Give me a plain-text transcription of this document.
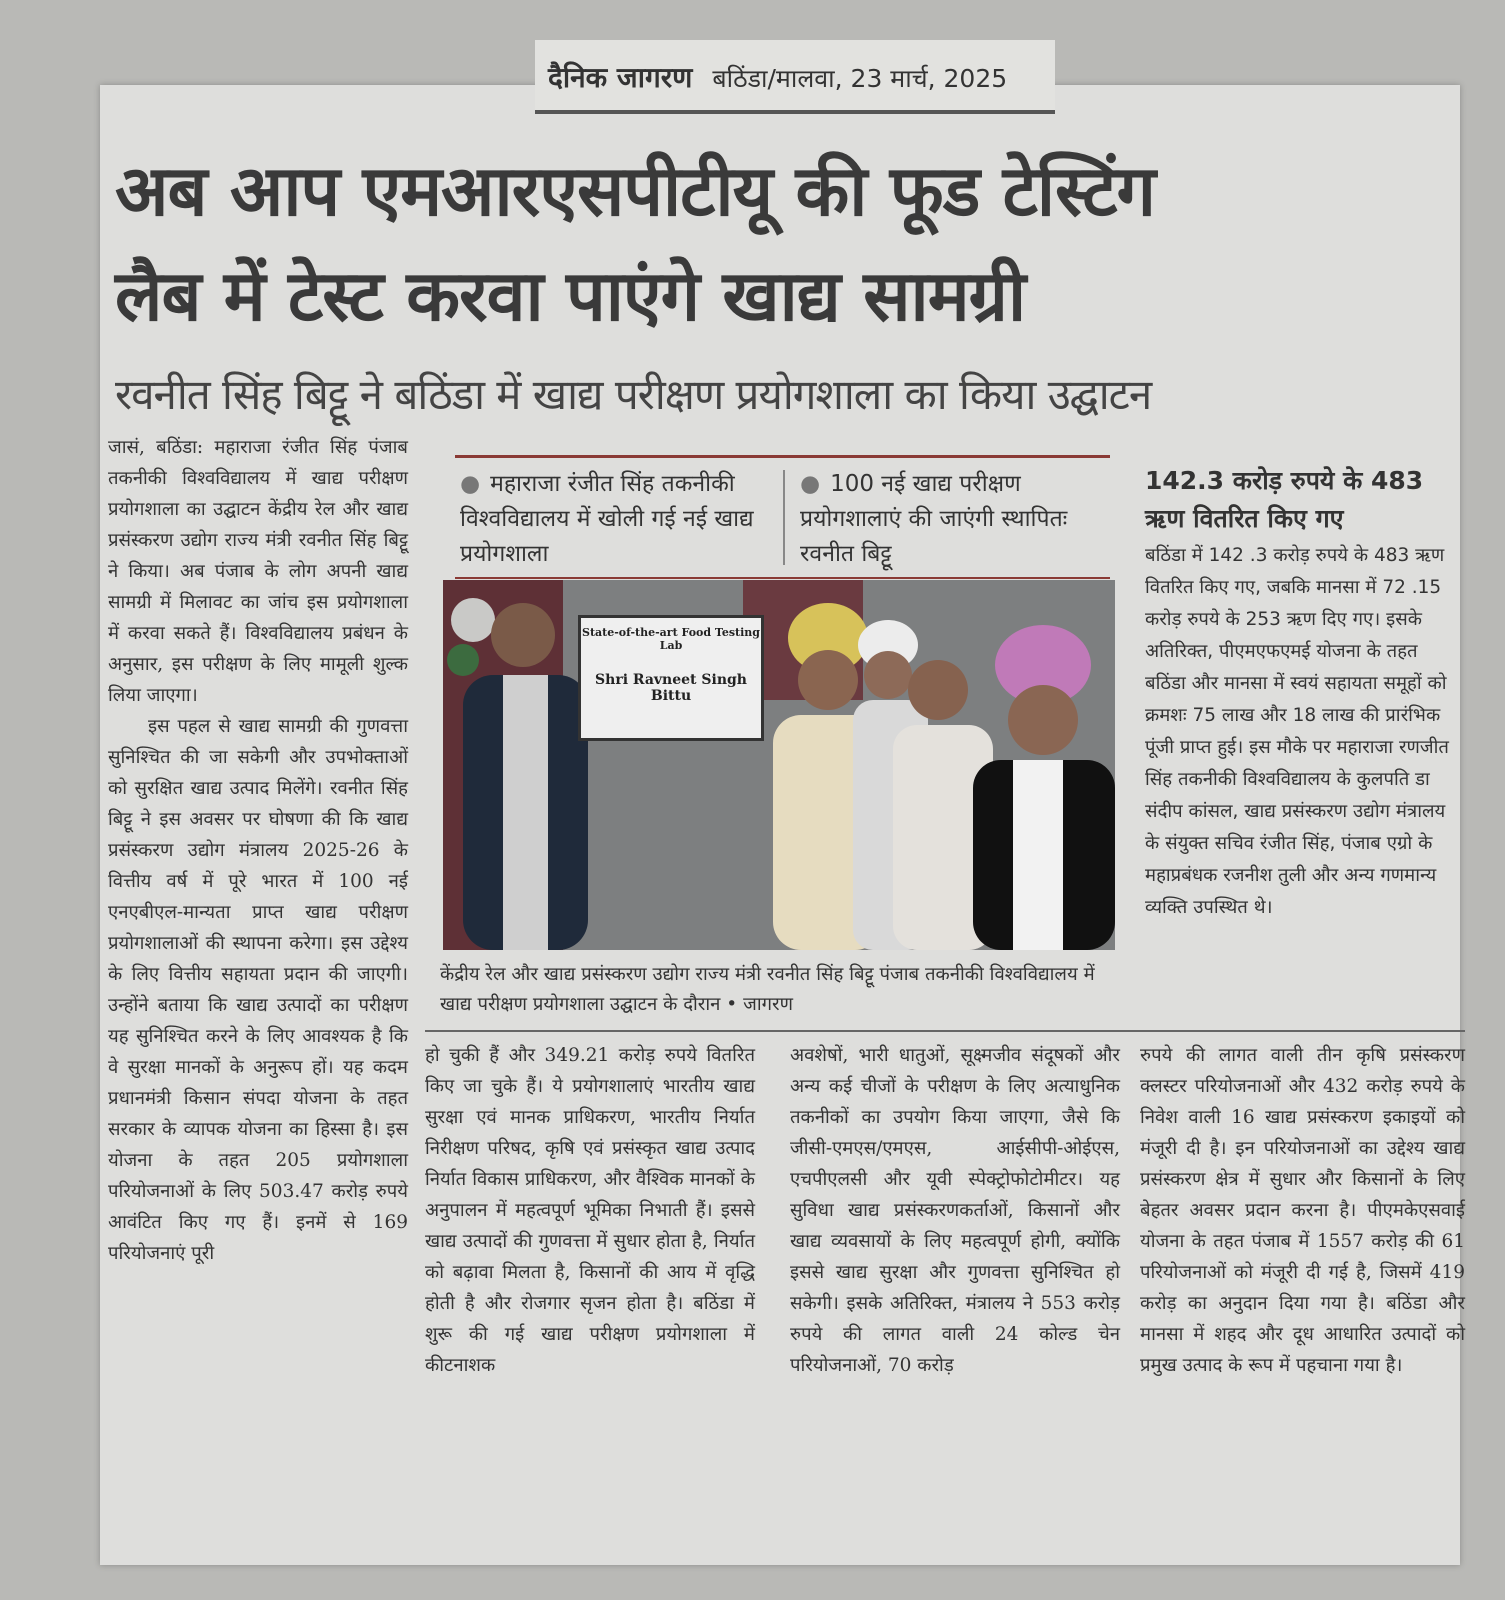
दैनिक जागरण बठिंडा/मालवा, 23 मार्च, 2025
अब आप एमआरएसपीटीयू की फूड टेस्टिंग
लैब में टेस्ट करवा पाएंगे खाद्य सामग्री
रवनीत सिंह बिट्टू ने बठिंडा में खाद्य परीक्षण प्रयोगशाला का किया उद्घाटन

जासं, बठिंडा: महाराजा रंजीत सिंह पंजाब तकनीकी विश्वविद्यालय में खाद्य परीक्षण प्रयोगशाला का उद्घाटन केंद्रीय रेल और खाद्य प्रसंस्करण उद्योग राज्य मंत्री रवनीत सिंह बिट्टू ने किया। अब पंजाब के लोग अपनी खाद्य सामग्री में मिलावट का जांच इस प्रयोगशाला में करवा सकते हैं। विश्वविद्यालय प्रबंधन के अनुसार, इस परीक्षण के लिए मामूली शुल्क लिया जाएगा।

इस पहल से खाद्य सामग्री की गुणवत्ता सुनिश्चित की जा सकेगी और उपभोक्ताओं को सुरक्षित खाद्य उत्पाद मिलेंगे। रवनीत सिंह बिट्टू ने इस अवसर पर घोषणा की कि खाद्य प्रसंस्करण उद्योग मंत्रालय 2025-26 के वित्तीय वर्ष में पूरे भारत में 100 नई एनएबीएल-मान्यता प्राप्त खाद्य परीक्षण प्रयोगशालाओं की स्थापना करेगा। इस उद्देश्य के लिए वित्तीय सहायता प्रदान की जाएगी। उन्होंने बताया कि खाद्य उत्पादों का परीक्षण यह सुनिश्चित करने के लिए आवश्यक है कि वे सुरक्षा मानकों के अनुरूप हों। यह कदम प्रधानमंत्री किसान संपदा योजना के तहत सरकार के व्यापक योजना का हिस्सा है। इस योजना के तहत 205 प्रयोगशाला परियोजनाओं के लिए 503.47 करोड़ रुपये आवंटित किए गए हैं। इनमें से 169 परियोजनाएं पूरी

● महाराजा रंजीत सिंह तकनीकी विश्वविद्यालय में खोली गई नई खाद्य प्रयोगशाला
● 100 नई खाद्य परीक्षण प्रयोगशालाएं की जाएंगी स्थापितः रवनीत बिट्टू
State-of-the-art Food Testing Lab
Shri Ravneet Singh Bittu
केंद्रीय रेल और खाद्य प्रसंस्करण उद्योग राज्य मंत्री रवनीत सिंह बिट्टू पंजाब तकनीकी विश्वविद्यालय में खाद्य परीक्षण प्रयोगशाला उद्घाटन के दौरान • जागरण
142.3 करोड़ रुपये के 483 ऋण वितरित किए गए
बठिंडा में 142 .3 करोड़ रुपये के 483 ऋण वितरित किए गए, जबकि मानसा में 72 .15 करोड़ रुपये के 253 ऋण दिए गए। इसके अतिरिक्त, पीएमएफएमई योजना के तहत बठिंडा और मानसा में स्वयं सहायता समूहों को क्रमशः 75 लाख और 18 लाख की प्रारंभिक पूंजी प्राप्त हुई। इस मौके पर महाराजा रणजीत सिंह तकनीकी विश्वविद्यालय के कुलपति डा संदीप कांसल, खाद्य प्रसंस्करण उद्योग मंत्रालय के संयुक्त सचिव रंजीत सिंह, पंजाब एग्रो के महाप्रबंधक रजनीश तुली और अन्य गणमान्य व्यक्ति उपस्थित थे।

हो चुकी हैं और 349.21 करोड़ रुपये वितरित किए जा चुके हैं। ये प्रयोगशालाएं भारतीय खाद्य सुरक्षा एवं मानक प्राधिकरण, भारतीय निर्यात निरीक्षण परिषद, कृषि एवं प्रसंस्कृत खाद्य उत्पाद निर्यात विकास प्राधिकरण, और वैश्विक मानकों के अनुपालन में महत्वपूर्ण भूमिका निभाती हैं। इससे खाद्य उत्पादों की गुणवत्ता में सुधार होता है, निर्यात को बढ़ावा मिलता है, किसानों की आय में वृद्धि होती है और रोजगार सृजन होता है। बठिंडा में शुरू की गई खाद्य परीक्षण प्रयोगशाला में कीटनाशक

अवशेषों, भारी धातुओं, सूक्ष्मजीव संदूषकों और अन्य कई चीजों के परीक्षण के लिए अत्याधुनिक तकनीकों का उपयोग किया जाएगा, जैसे कि जीसी-एमएस/एमएस, आईसीपी-ओईएस, एचपीएलसी और यूवी स्पेक्ट्रोफोटोमीटर। यह सुविधा खाद्य प्रसंस्करणकर्ताओं, किसानों और खाद्य व्यवसायों के लिए महत्वपूर्ण होगी, क्योंकि इससे खाद्य सुरक्षा और गुणवत्ता सुनिश्चित हो सकेगी। इसके अतिरिक्त, मंत्रालय ने 553 करोड़ रुपये की लागत वाली 24 कोल्ड चेन परियोजनाओं, 70 करोड़

रुपये की लागत वाली तीन कृषि प्रसंस्करण क्लस्टर परियोजनाओं और 432 करोड़ रुपये के निवेश वाली 16 खाद्य प्रसंस्करण इकाइयों को मंजूरी दी है। इन परियोजनाओं का उद्देश्य खाद्य प्रसंस्करण क्षेत्र में सुधार और किसानों के लिए बेहतर अवसर प्रदान करना है। पीएमकेएसवाई योजना के तहत पंजाब में 1557 करोड़ की 61 परियोजनाओं को मंजूरी दी गई है, जिसमें 419 करोड़ का अनुदान दिया गया है। बठिंडा और मानसा में शहद और दूध आधारित उत्पादों को प्रमुख उत्पाद के रूप में पहचाना गया है।
